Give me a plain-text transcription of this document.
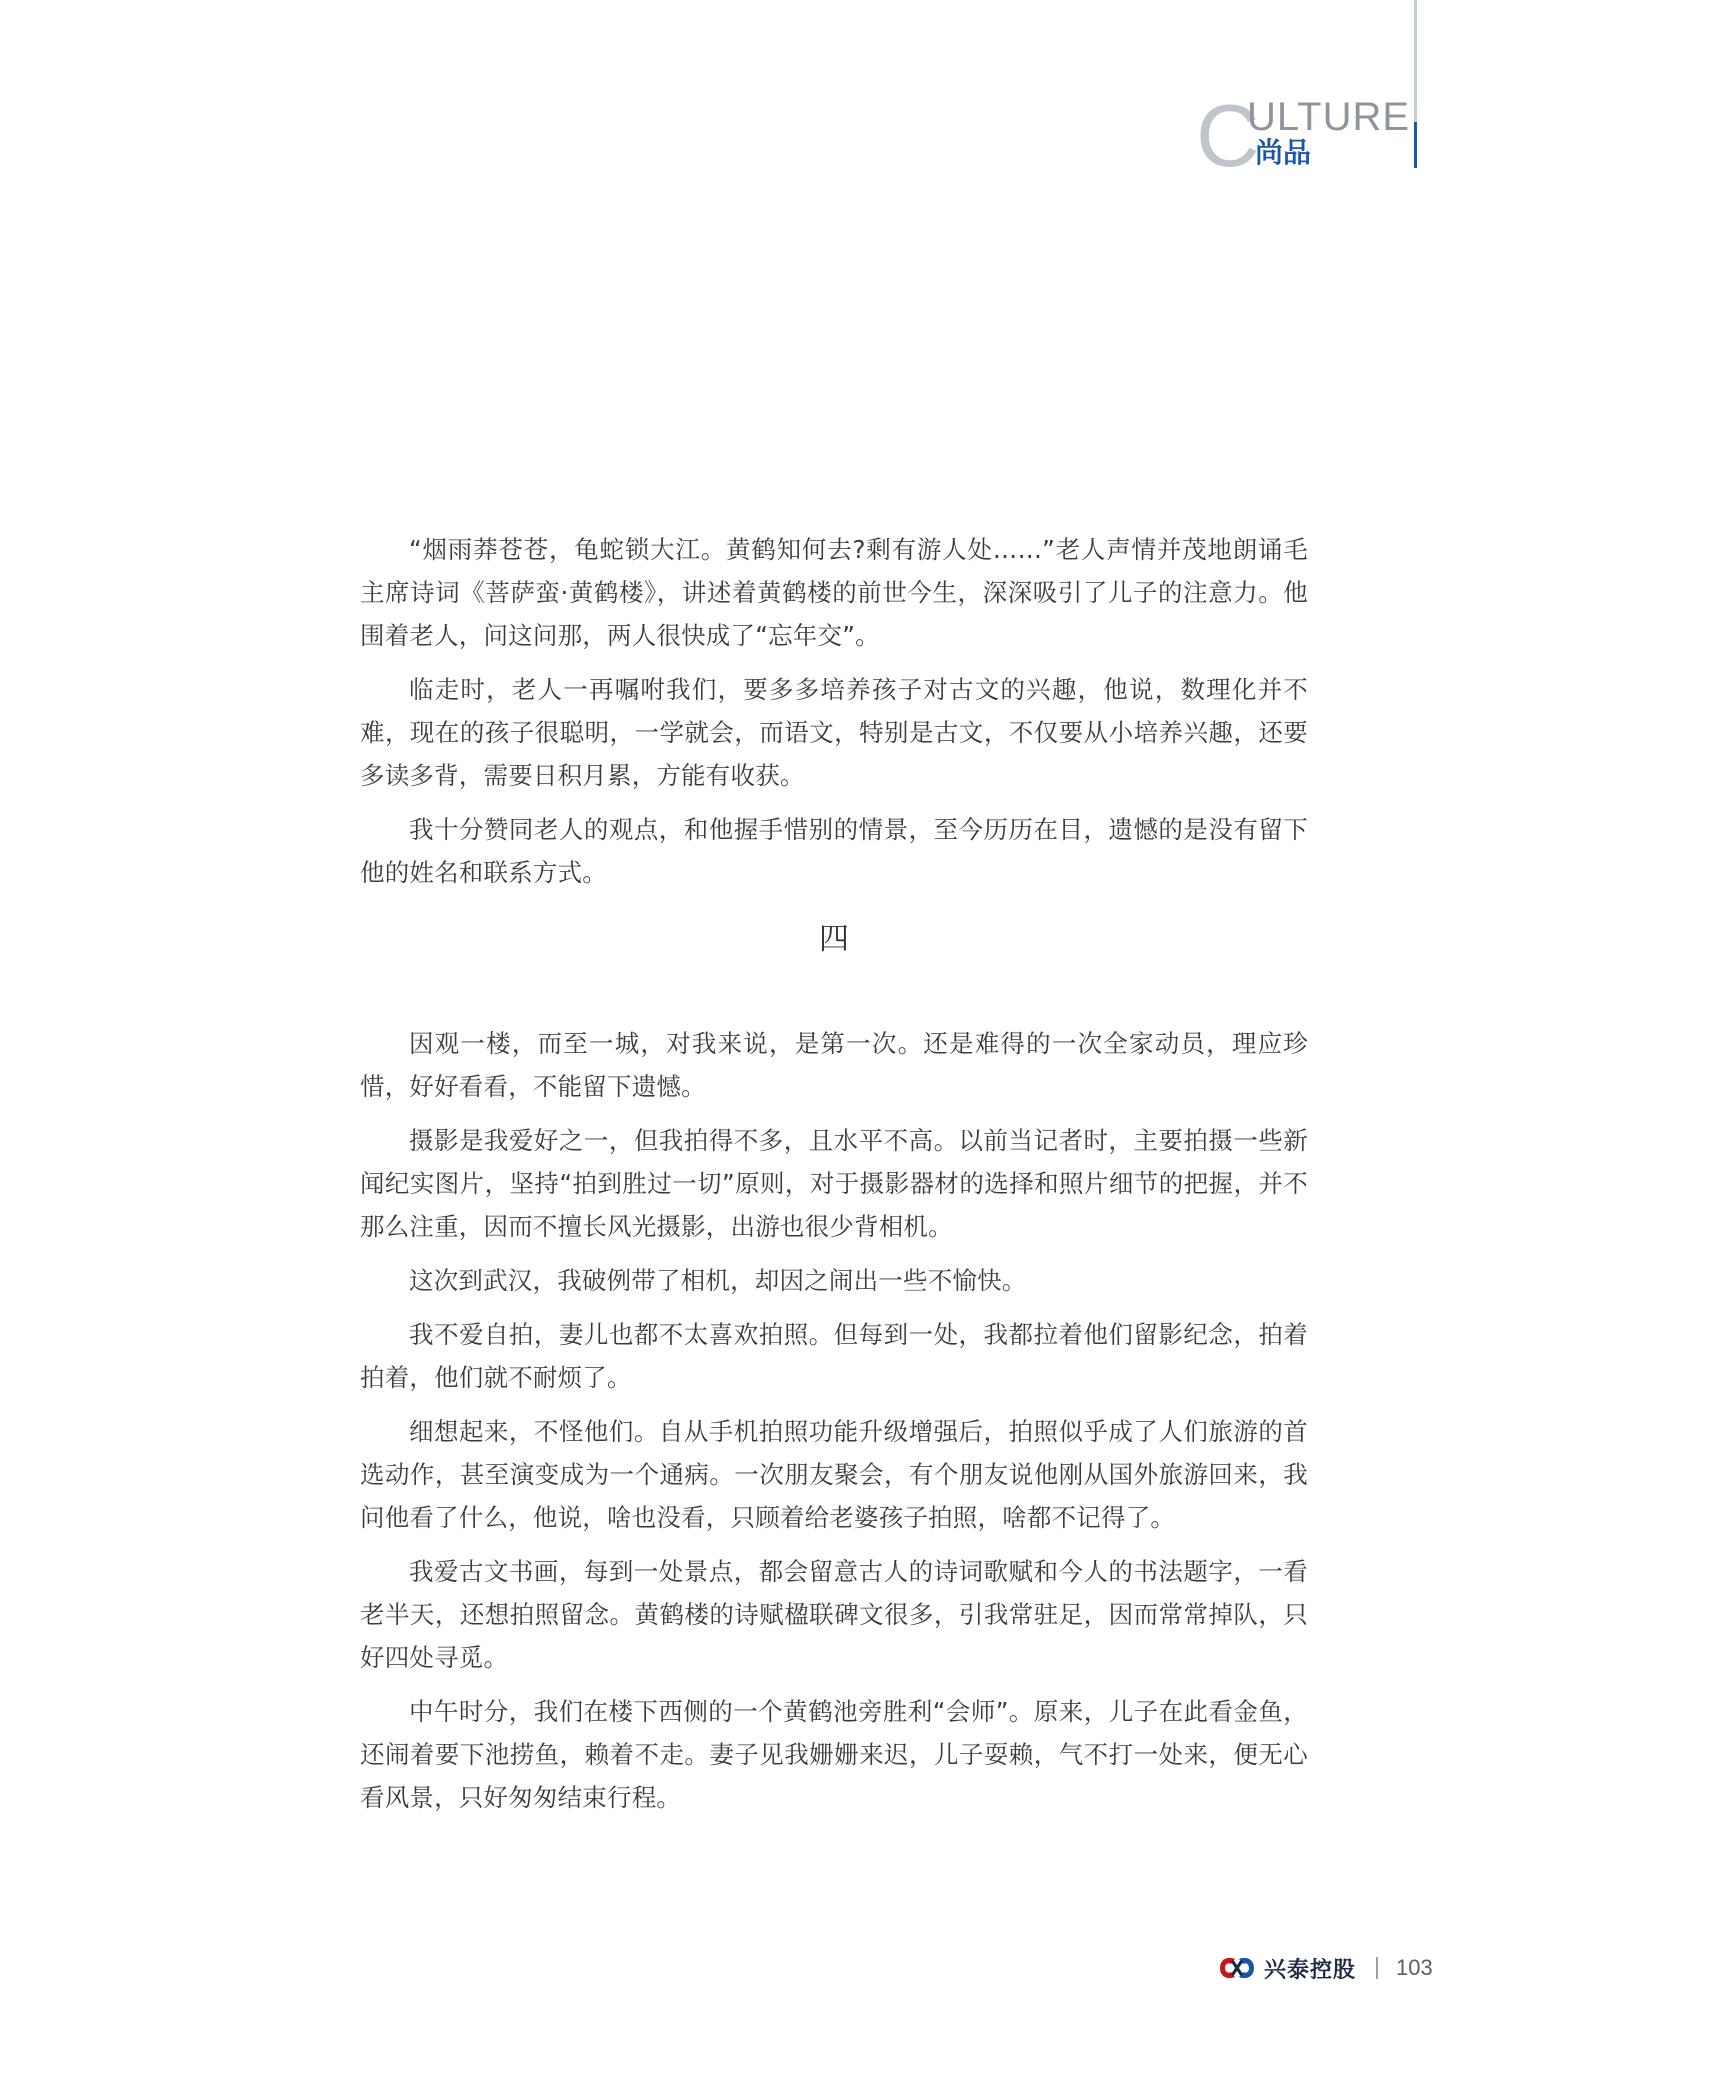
C
ULTURE
尚品

“烟雨莽苍苍，龟蛇锁大江。黄鹤知何去?剩有游人处……”老人声情并茂地朗诵毛主席诗词《菩萨蛮·黄鹤楼》，讲述着黄鹤楼的前世今生，深深吸引了儿子的注意力。他围着老人，问这问那，两人很快成了“忘年交”。

临走时，老人一再嘱咐我们，要多多培养孩子对古文的兴趣，他说，数理化并不难，现在的孩子很聪明，一学就会，而语文，特别是古文，不仅要从小培养兴趣，还要多读多背，需要日积月累，方能有收获。

我十分赞同老人的观点，和他握手惜别的情景，至今历历在目，遗憾的是没有留下他的姓名和联系方式。

四

因观一楼，而至一城，对我来说，是第一次。还是难得的一次全家动员，理应珍惜，好好看看，不能留下遗憾。

摄影是我爱好之一，但我拍得不多，且水平不高。以前当记者时，主要拍摄一些新闻纪实图片，坚持“拍到胜过一切”原则，对于摄影器材的选择和照片细节的把握，并不那么注重，因而不擅长风光摄影，出游也很少背相机。

这次到武汉，我破例带了相机，却因之闹出一些不愉快。

我不爱自拍，妻儿也都不太喜欢拍照。但每到一处，我都拉着他们留影纪念，拍着拍着，他们就不耐烦了。

细想起来，不怪他们。自从手机拍照功能升级增强后，拍照似乎成了人们旅游的首选动作，甚至演变成为一个通病。一次朋友聚会，有个朋友说他刚从国外旅游回来，我问他看了什么，他说，啥也没看，只顾着给老婆孩子拍照，啥都不记得了。

我爱古文书画，每到一处景点，都会留意古人的诗词歌赋和今人的书法题字，一看老半天，还想拍照留念。黄鹤楼的诗赋楹联碑文很多，引我常驻足，因而常常掉队，只好四处寻觅。

中午时分，我们在楼下西侧的一个黄鹤池旁胜利“会师”。原来，儿子在此看金鱼，还闹着要下池捞鱼，赖着不走。妻子见我姗姗来迟，儿子耍赖，气不打一处来，便无心看风景，只好匆匆结束行程。

兴泰控股 103
